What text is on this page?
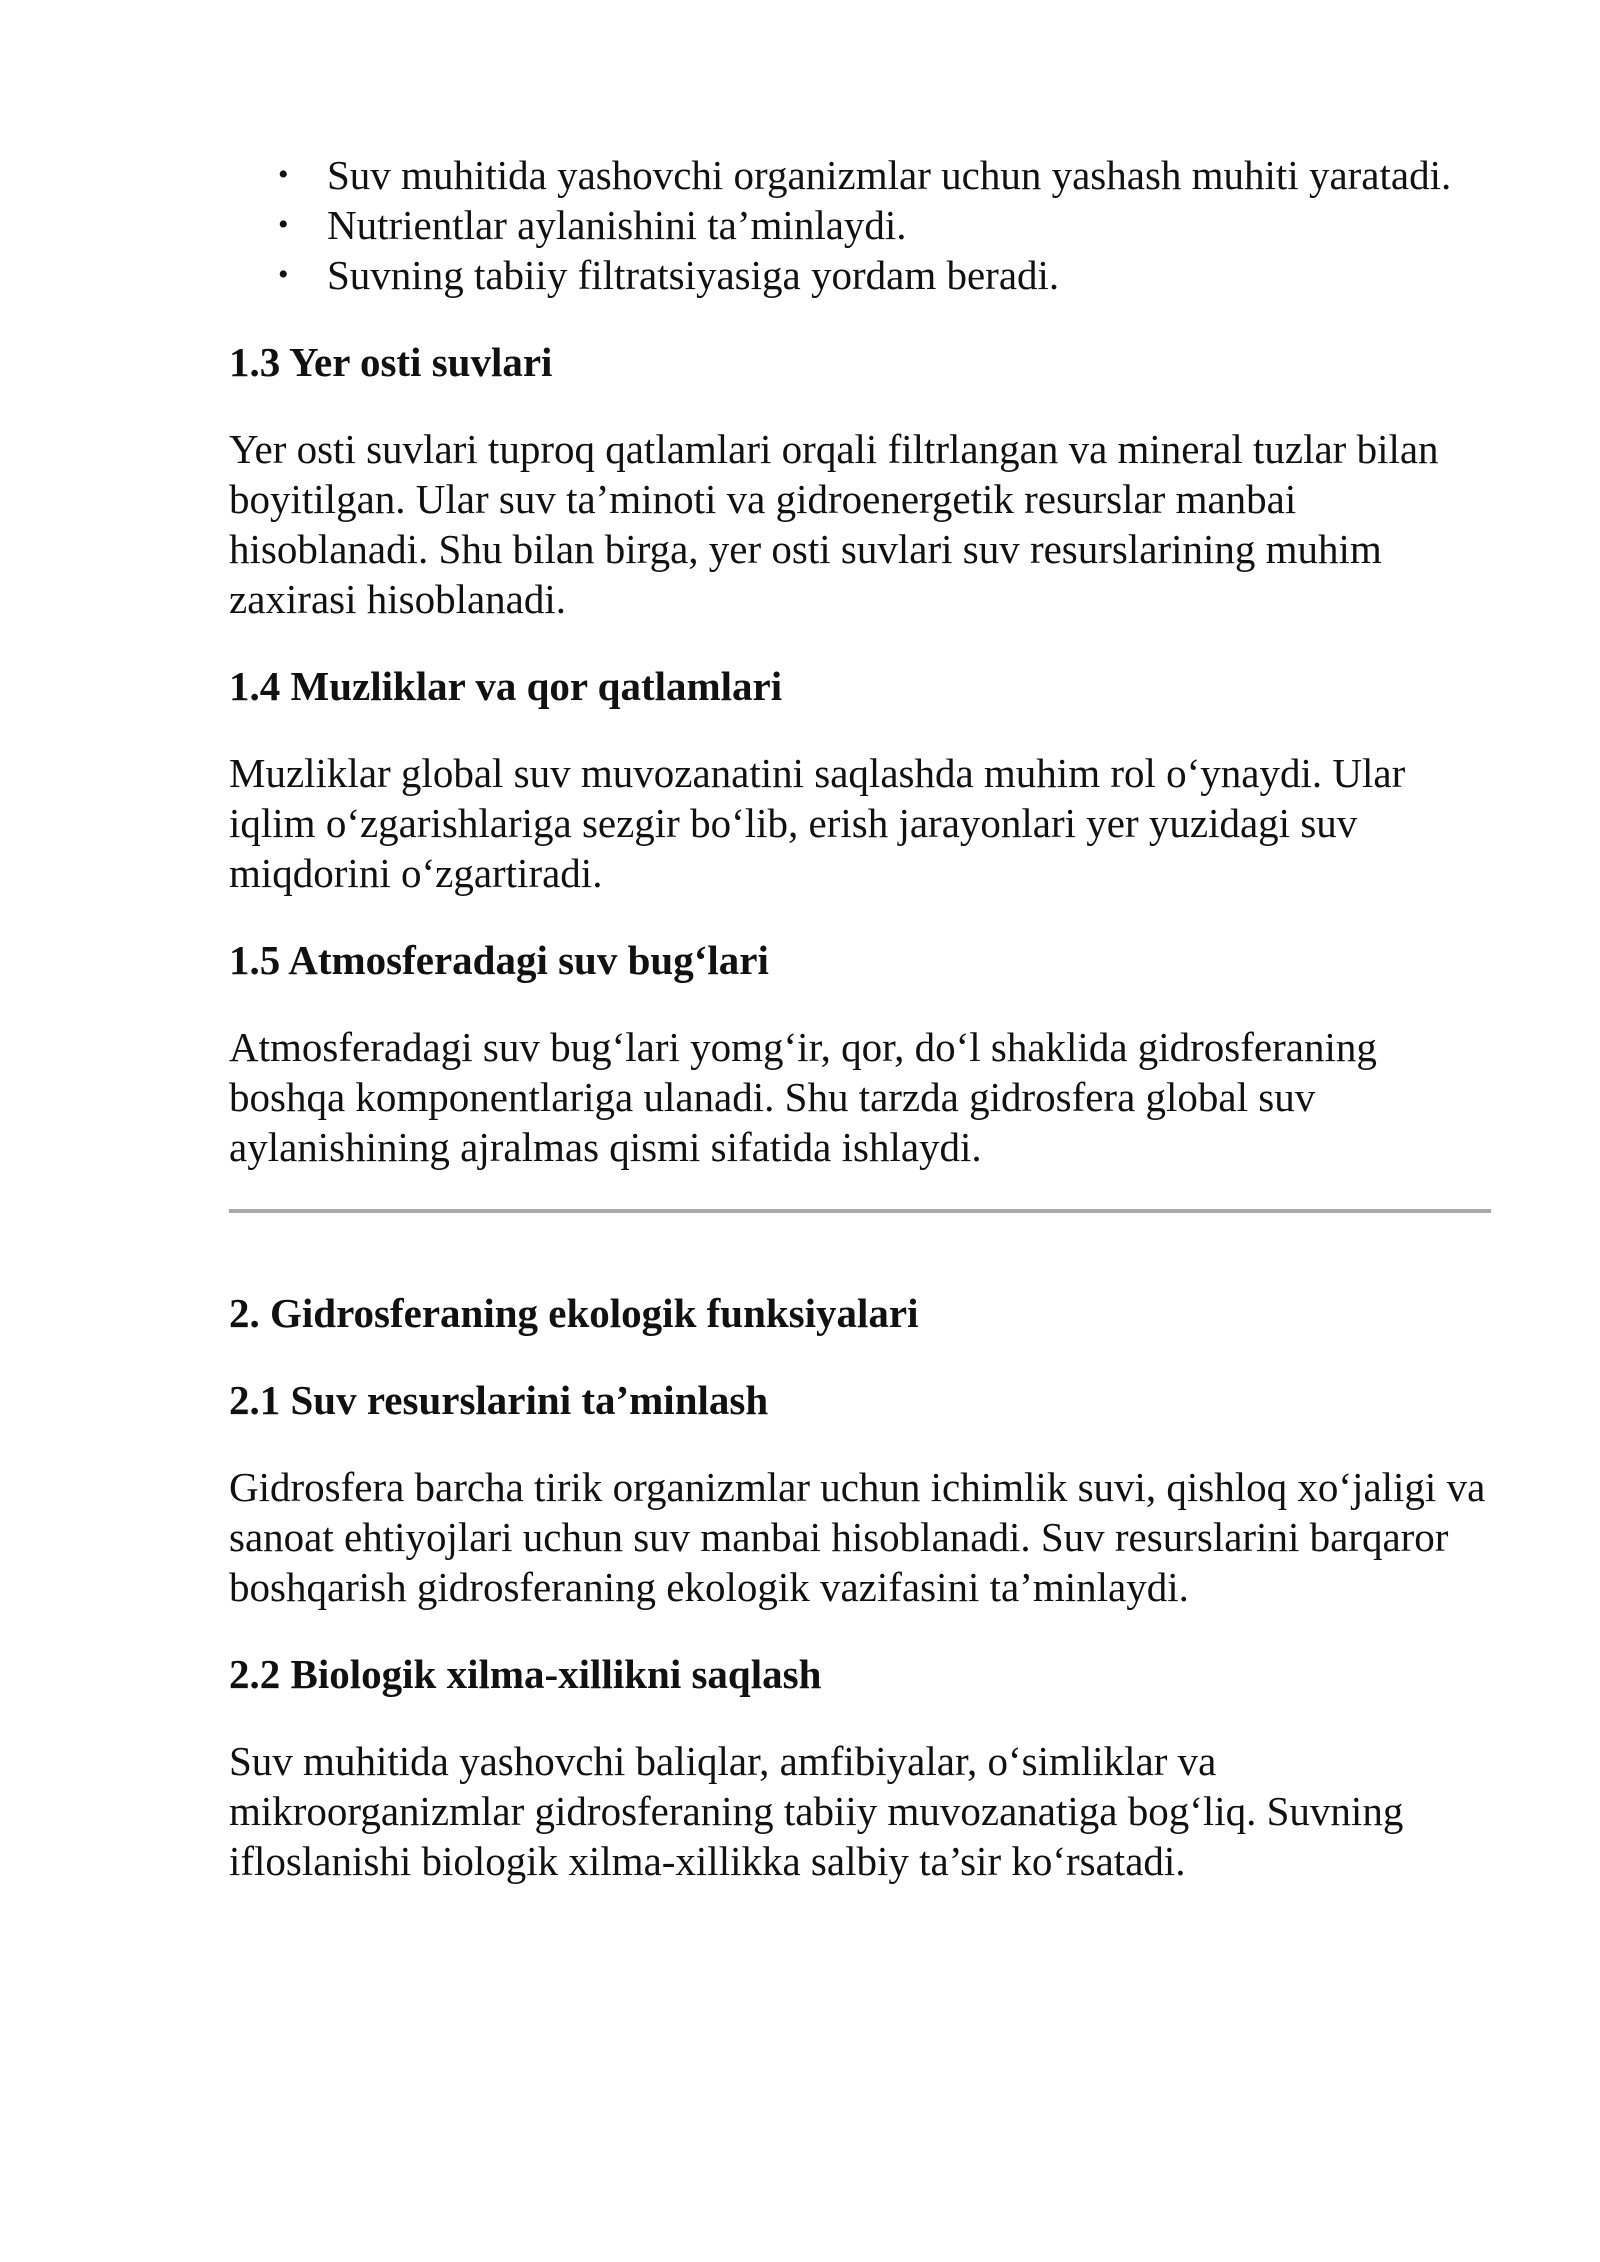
• Suv muhitida yashovchi organizmlar uchun yashash muhiti yaratadi.
• Nutrientlar aylanishini ta’minlaydi.
• Suvning tabiiy filtratsiyasiga yordam beradi.
1.3 Yer osti suvlari

Yer osti suvlari tuproq qatlamlari orqali filtrlangan va mineral tuzlar bilan boyitilgan. Ular suv ta’minoti va gidroenergetik resurslar manbai hisoblanadi. Shu bilan birga, yer osti suvlari suv resurslarining muhim zaxirasi hisoblanadi.

1.4 Muzliklar va qor qatlamlari

Muzliklar global suv muvozanatini saqlashda muhim rol o‘ynaydi. Ular iqlim o‘zgarishlariga sezgir bo‘lib, erish jarayonlari yer yuzidagi suv miqdorini o‘zgartiradi.

1.5 Atmosferadagi suv bug‘lari

Atmosferadagi suv bug‘lari yomg‘ir, qor, do‘l shaklida gidrosferaning boshqa komponentlariga ulanadi. Shu tarzda gidrosfera global suv aylanishining ajralmas qismi sifatida ishlaydi.

2. Gidrosferaning ekologik funksiyalari
2.1 Suv resurslarini ta’minlash

Gidrosfera barcha tirik organizmlar uchun ichimlik suvi, qishloq xo‘jaligi va sanoat ehtiyojlari uchun suv manbai hisoblanadi. Suv resurslarini barqaror boshqarish gidrosferaning ekologik vazifasini ta’minlaydi.

2.2 Biologik xilma-xillikni saqlash

Suv muhitida yashovchi baliqlar, amfibiyalar, o‘simliklar va mikroorganizmlar gidrosferaning tabiiy muvozanatiga bog‘liq. Suvning ifloslanishi biologik xilma-xillikka salbiy ta’sir ko‘rsatadi.
